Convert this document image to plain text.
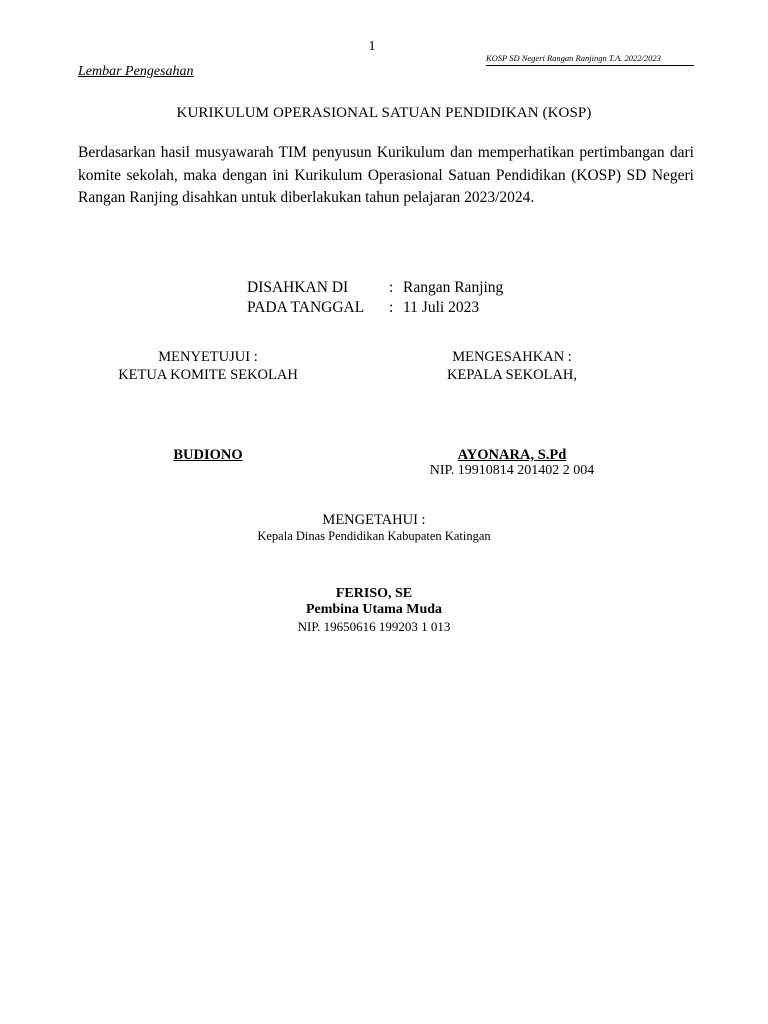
1
KOSP SD Negeri Rangan Ranjingn T.A. 2022/2023
Lembar Pengesahan
KURIKULUM OPERASIONAL SATUAN PENDIDIKAN (KOSP)
Berdasarkan hasil musyawarah TIM penyusun Kurikulum dan memperhatikan pertimbangan dari komite sekolah, maka dengan ini Kurikulum Operasional Satuan Pendidikan (KOSP) SD Negeri Rangan Ranjing disahkan untuk diberlakukan tahun pelajaran 2023/2024.
DISAHKAN DI	: Rangan Ranjing
PADA TANGGAL	: 11 Juli 2023
MENYETUJUI :
KETUA KOMITE SEKOLAH
MENGESAHKAN :
KEPALA SEKOLAH,
BUDIONO	AYONARA, S.Pd
NIP. 19910814 201402 2 004
MENGETAHUI :
Kepala Dinas Pendidikan Kabupaten Katingan
FERISO, SE
Pembina Utama Muda
NIP. 19650616 199203 1 013
